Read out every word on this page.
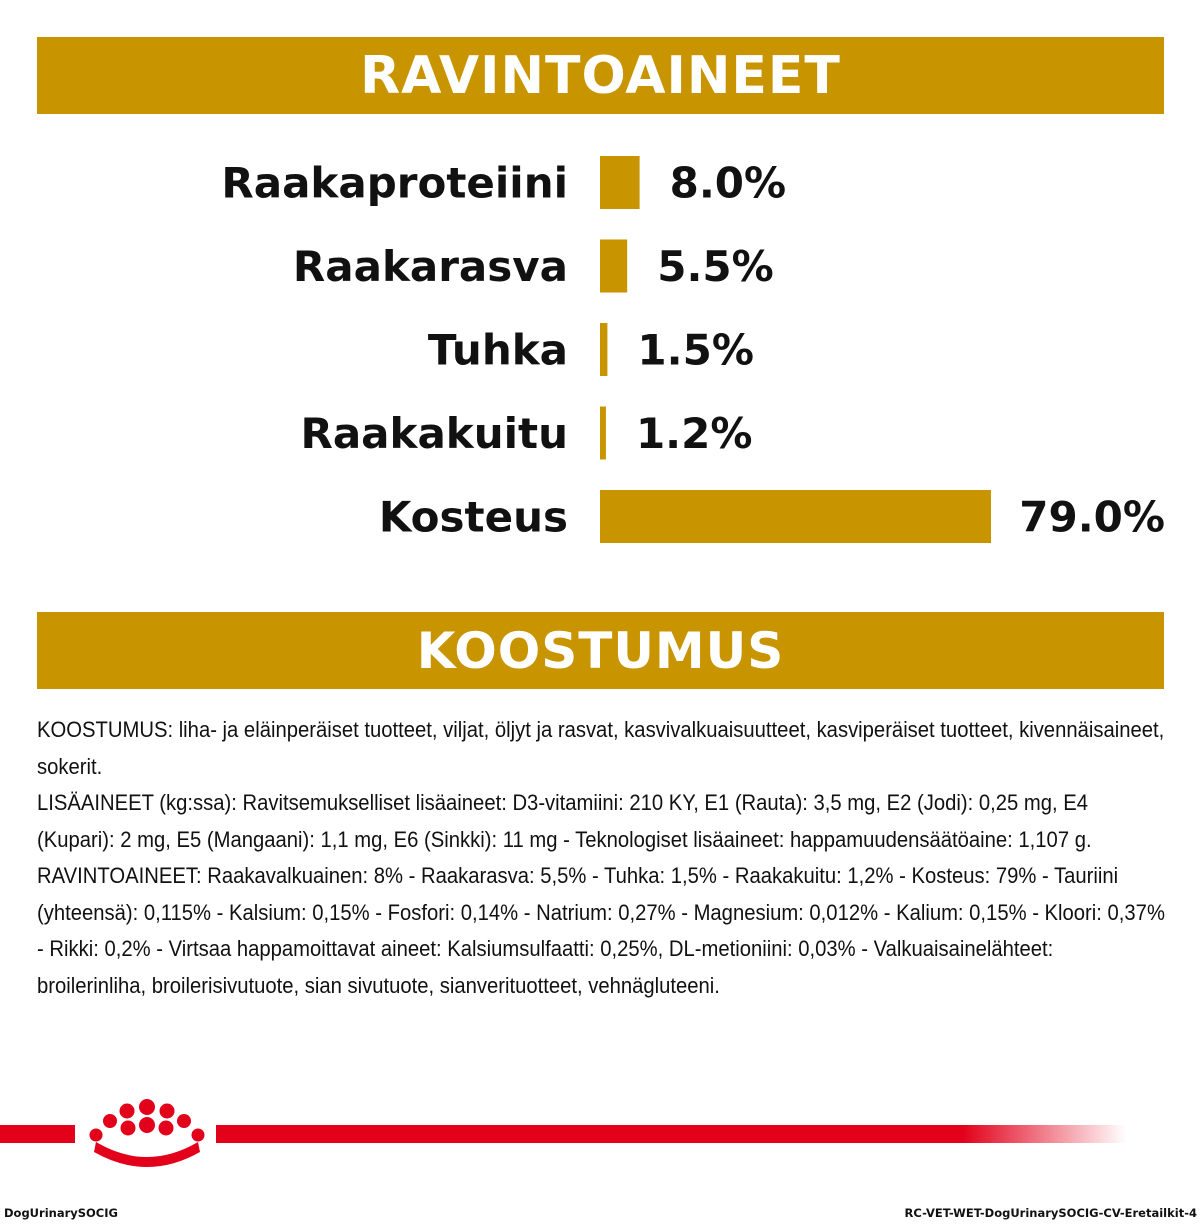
RAVINTOAINEET
Raakaproteiini 8.0%
Raakarasva 5.5%
Tuhka 1.5%
Raakakuitu 1.2%
Kosteus	79.0%
KOOSTUMUS

KOOSTUMUS: liha- ja eläinperäiset tuotteet, viljat, öljyt ja rasvat, kasvivalkuaisuutteet, kasviperäiset tuotteet, kivennäisaineet, sokerit.

LISÄAINEET (kg:ssa): Ravitsemukselliset lisäaineet: D3-vitamiini: 210 KY, E1 (Rauta): 3,5 mg, E2 (Jodi): 0,25 mg, E4 (Kupari): 2 mg, E5 (Mangaani): 1,1 mg, E6 (Sinkki): 11 mg - Teknologiset lisäaineet: happamuudensäätöaine: 1,107 g.

RAVINTOAINEET: Raakavalkuainen: 8% - Raakarasva: 5,5% - Tuhka: 1,5% - Raakakuitu: 1,2% - Kosteus: 79% - Tauriini (yhteensä): 0,115% - Kalsium: 0,15% - Fosfori: 0,14% - Natrium: 0,27% - Magnesium: 0,012% - Kalium: 0,15% - Kloori: 0,37% - Rikki: 0,2% - Virtsaa happamoittavat aineet: Kalsiumsulfaatti: 0,25%, DL-metioniini: 0,03% - Valkuaisainelähteet: broilerinliha, broilerisivutuote, sian sivutuote, sianverituotteet, vehnägluteeni.

DogUrinarySOCIG	RC-VET-WET-DogUrinarySOCIG-CV-Eretailkit-4
